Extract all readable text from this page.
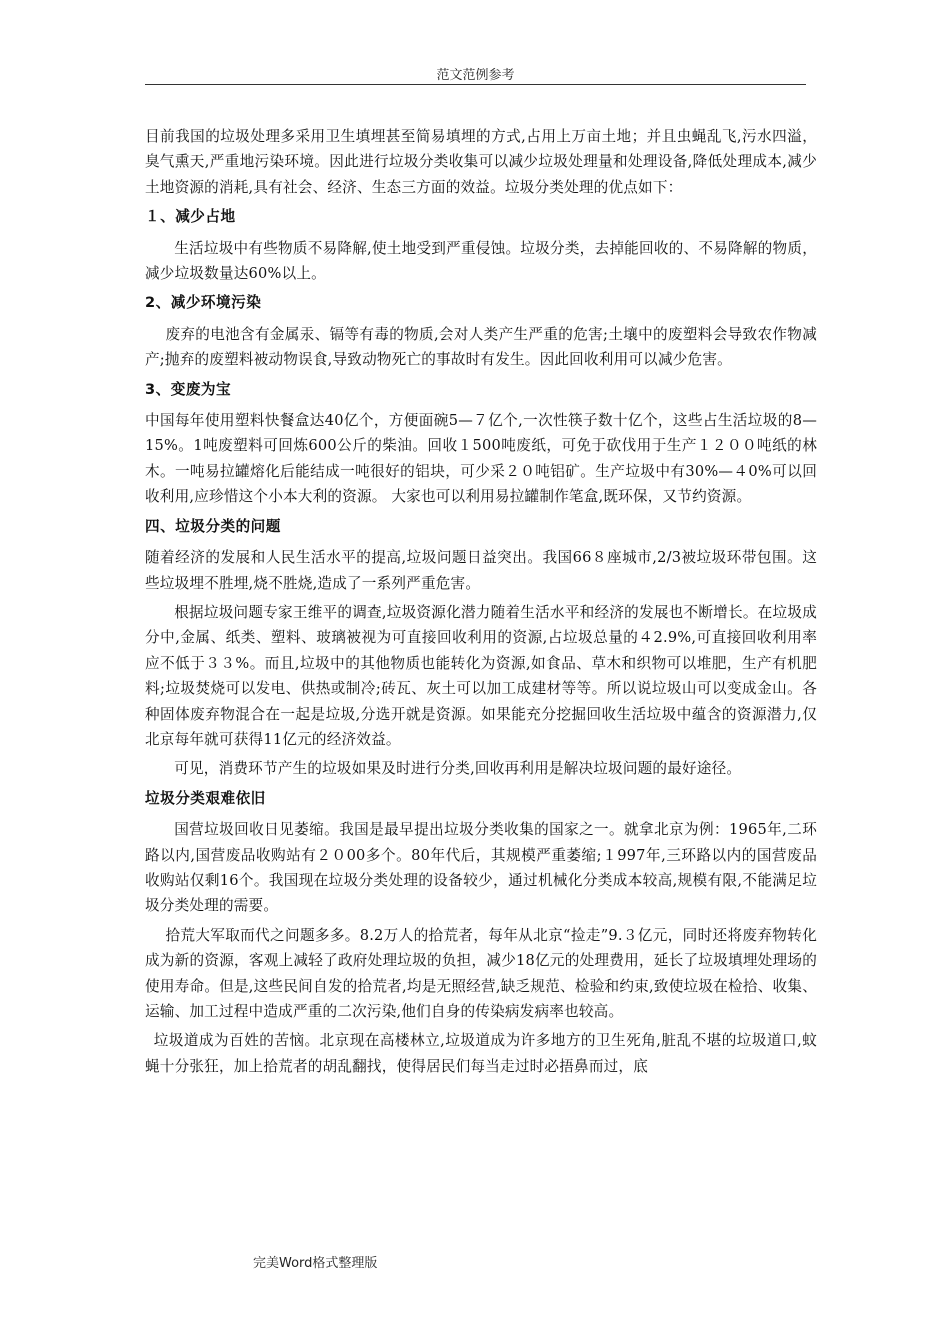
范文范例参考

目前我国的垃圾处理多采用卫生填埋甚至简易填埋的方式,占用上万亩土地；并且虫蝇乱飞,污水四溢，臭气熏天,严重地污染环境。因此进行垃圾分类收集可以减少垃圾处理量和处理设备,降低处理成本,减少土地资源的消耗,具有社会、经济、生态三方面的效益。垃圾分类处理的优点如下：

１、减少占地

生活垃圾中有些物质不易降解,使土地受到严重侵蚀。垃圾分类，去掉能回收的、不易降解的物质，减少垃圾数量达60%以上。

2、减少环境污染

废弃的电池含有金属汞、镉等有毒的物质,会对人类产生严重的危害;土壤中的废塑料会导致农作物减产;抛弃的废塑料被动物误食,导致动物死亡的事故时有发生。因此回收利用可以减少危害。

3、变废为宝

中国每年使用塑料快餐盒达40亿个，方便面碗5—７亿个,一次性筷子数十亿个，这些占生活垃圾的8—15%。1吨废塑料可回炼600公斤的柴油。回收１500吨废纸，可免于砍伐用于生产１２００吨纸的林木。一吨易拉罐熔化后能结成一吨很好的铝块，可少采２０吨铝矿。生产垃圾中有30%—４0%可以回收利用,应珍惜这个小本大利的资源。 大家也可以利用易拉罐制作笔盒,既环保，又节约资源。

四、垃圾分类的问题

随着经济的发展和人民生活水平的提高,垃圾问题日益突出。我国66８座城市,2/3被垃圾环带包围。这些垃圾埋不胜埋,烧不胜烧,造成了一系列严重危害。

根据垃圾问题专家王维平的调查,垃圾资源化潜力随着生活水平和经济的发展也不断增长。在垃圾成分中,金属、纸类、塑料、玻璃被视为可直接回收利用的资源,占垃圾总量的４2.9%,可直接回收利用率应不低于３３%。而且,垃圾中的其他物质也能转化为资源,如食品、草木和织物可以堆肥，生产有机肥料;垃圾焚烧可以发电、供热或制冷;砖瓦、灰土可以加工成建材等等。所以说垃圾山可以变成金山。各种固体废弃物混合在一起是垃圾,分选开就是资源。如果能充分挖掘回收生活垃圾中蕴含的资源潜力,仅北京每年就可获得11亿元的经济效益。

可见，消费环节产生的垃圾如果及时进行分类,回收再利用是解决垃圾问题的最好途径。

垃圾分类艰难依旧

国营垃圾回收日见萎缩。我国是最早提出垃圾分类收集的国家之一。就拿北京为例：1965年,二环路以内,国营废品收购站有２０00多个。80年代后，其规模严重萎缩;１997年,三环路以内的国营废品收购站仅剩16个。我国现在垃圾分类处理的设备较少，通过机械化分类成本较高,规模有限,不能满足垃圾分类处理的需要。

拾荒大军取而代之问题多多。8.2万人的拾荒者，每年从北京“捡走”9.３亿元，同时还将废弃物转化成为新的资源，客观上减轻了政府处理垃圾的负担，减少18亿元的处理费用，延长了垃圾填埋处理场的使用寿命。但是,这些民间自发的拾荒者,均是无照经营,缺乏规范、检验和约束,致使垃圾在检拾、收集、运输、加工过程中造成严重的二次污染,他们自身的传染病发病率也较高。

垃圾道成为百姓的苦恼。北京现在高楼林立,垃圾道成为许多地方的卫生死角,脏乱不堪的垃圾道口,蚊蝇十分张狂，加上拾荒者的胡乱翻找，使得居民们每当走过时必捂鼻而过，底

完美Word格式整理版
